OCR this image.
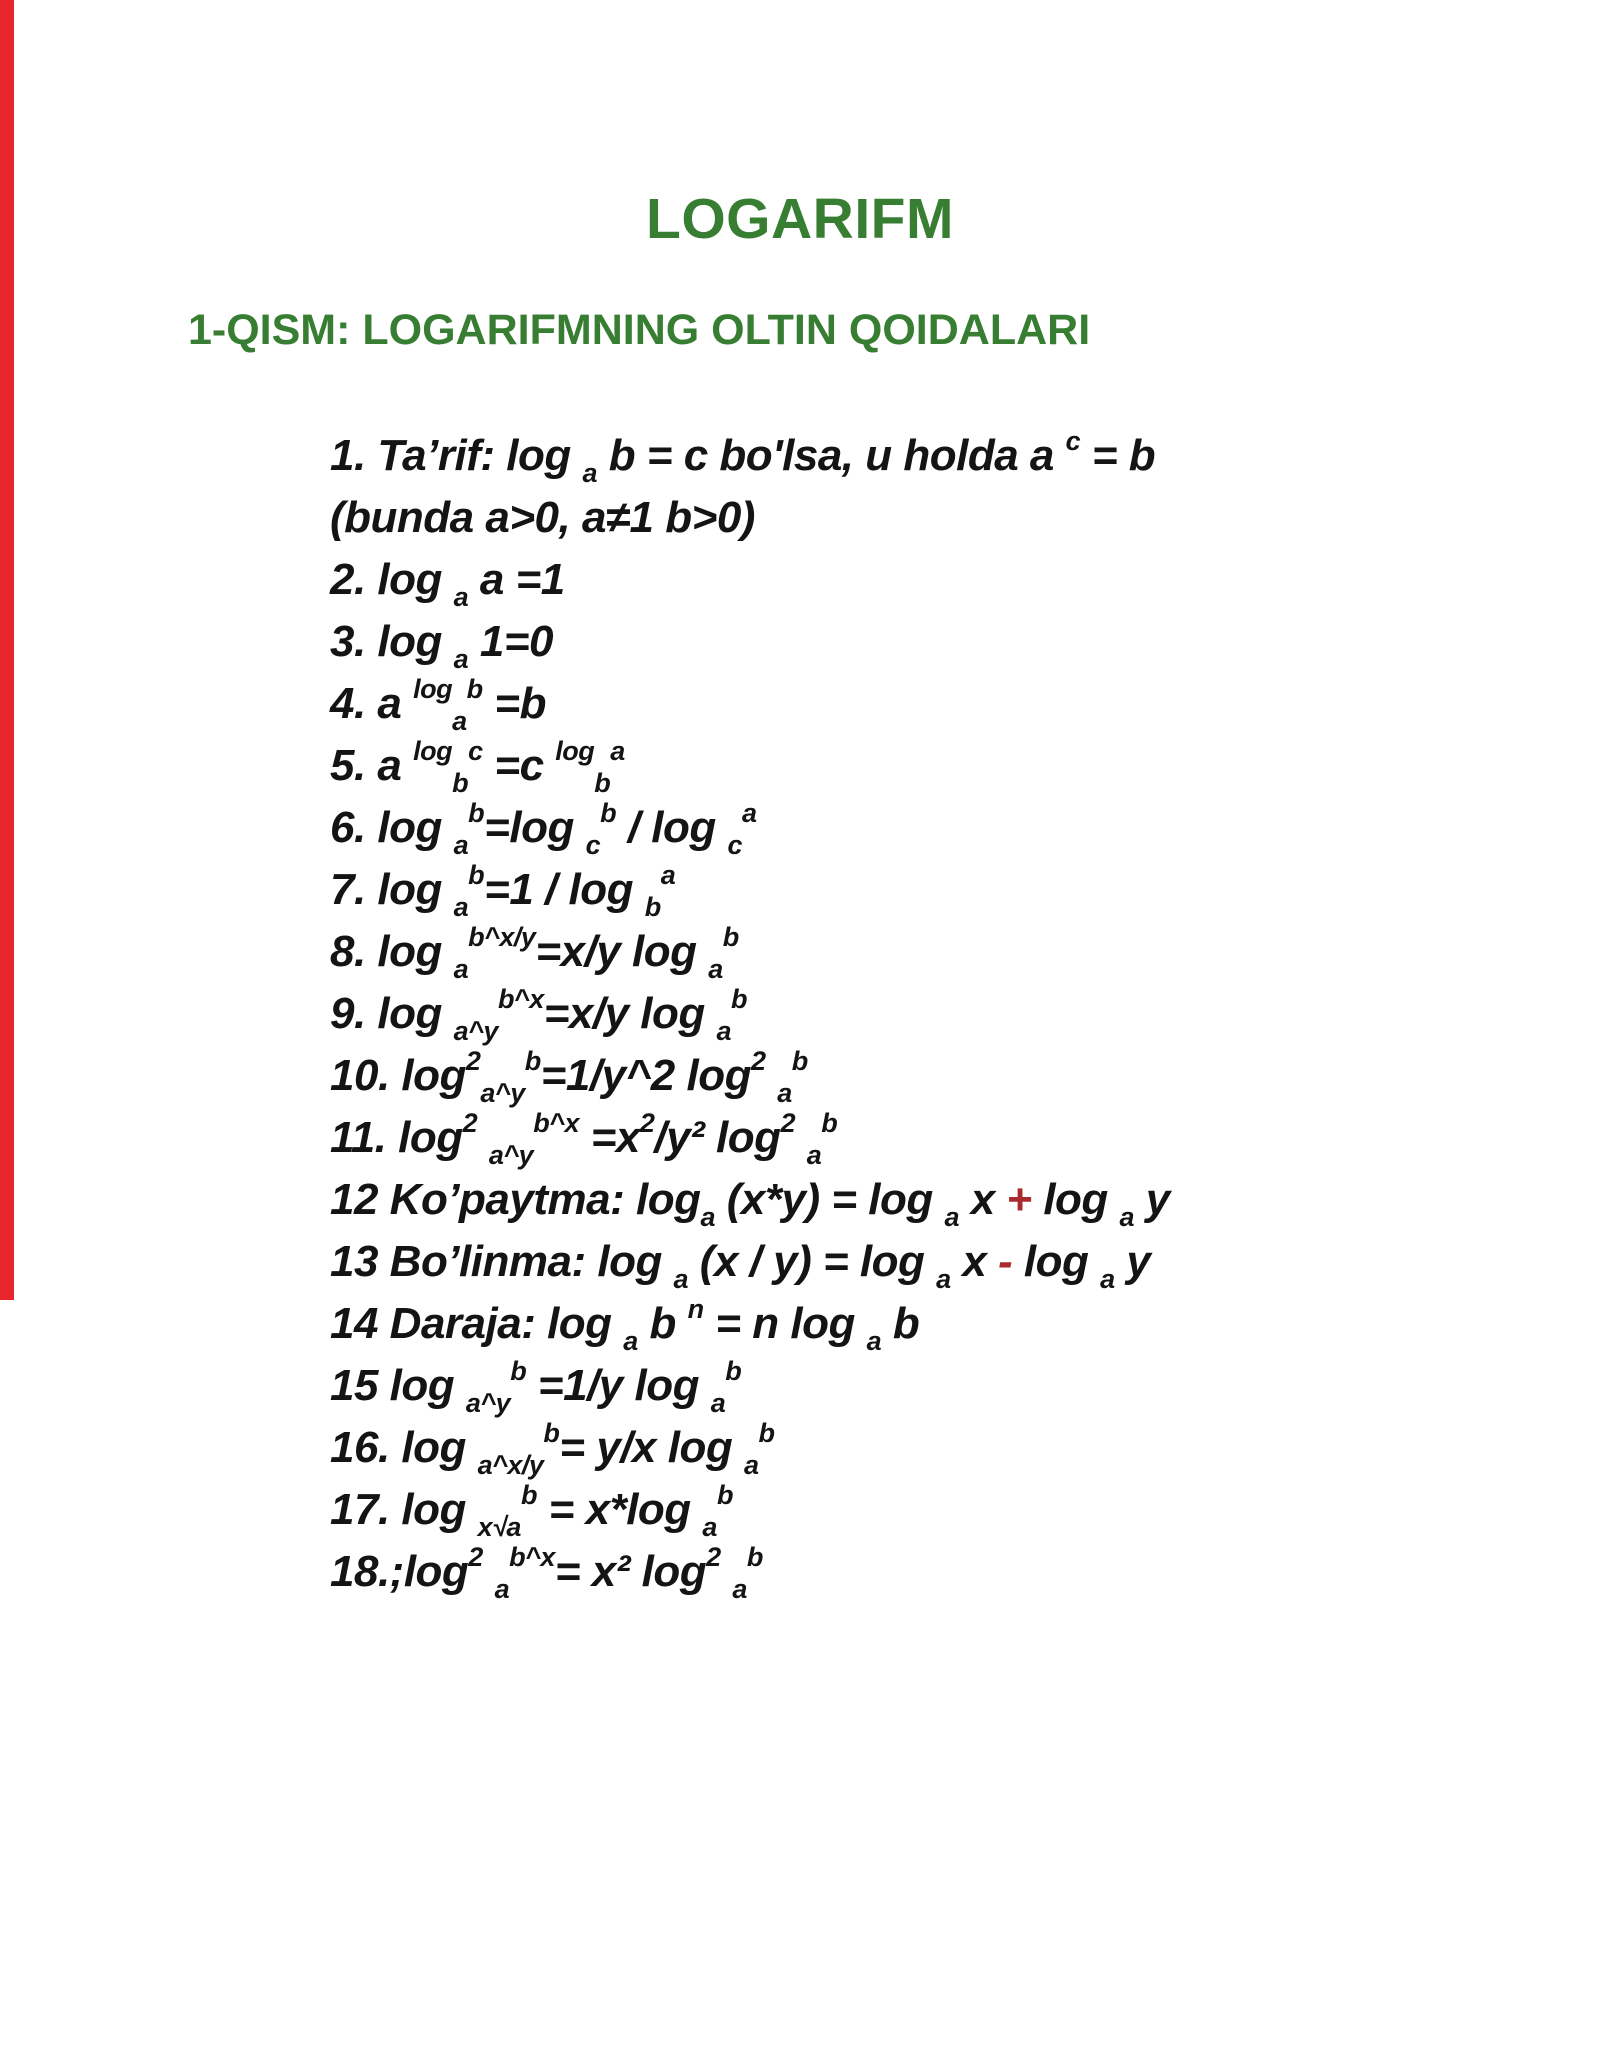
LOGARIFM
1-QISM: LOGARIFMNING OLTIN QOIDALARI
1. Ta’rif: log $_a$ b = c bo'lsa, u holda a $^c$ = b
(bunda a>0, a≠1 b>0)
2. log $_a$ a =1
3. log $_a$ 1=0
4. a $^{log}_a^b$ =b
5. a $^{log}_b^c$ =c $^{log}_b^a$
6. log $_a^b$=log $_c^b$ / log $_c^a$
7. log $_a^b$=1 / log $_b^a$
8. log $_a^{b\^{}x/y}$=x/y log $_a^b$
9. log $_{a\^{}y}^{b\^{}x}$=x/y log $_a^b$
10. $\log^2_{a\^{}y}^b=1/y\^{}2$ $\log^2 _a^b$
11. $\log^2 _{a\^{}y}^{b\^{}x} =x^2/y^2$ $\log^2 _a^b$
12 Ko’paytma: $\log_a (x*y) = \log _a$ x + log $_a$ y
13 Bo’linma: log $_a$ (x / y) = log $_a$ x - log $_a$ y
14 Daraja: log $_a$ b $^n$ = n log $_a$ b
15 log $_{a\^{}y}^b$ =1/y log $_a^b$
16. log $_{a\^{}x/y}^b$= y/x log $_a^b$
17. log $_{x√a}^b$ = x*log $_a^b$
$18.;\log^2$ $_a^{b\^{}x}$= x² $\log^2 _a^b$
